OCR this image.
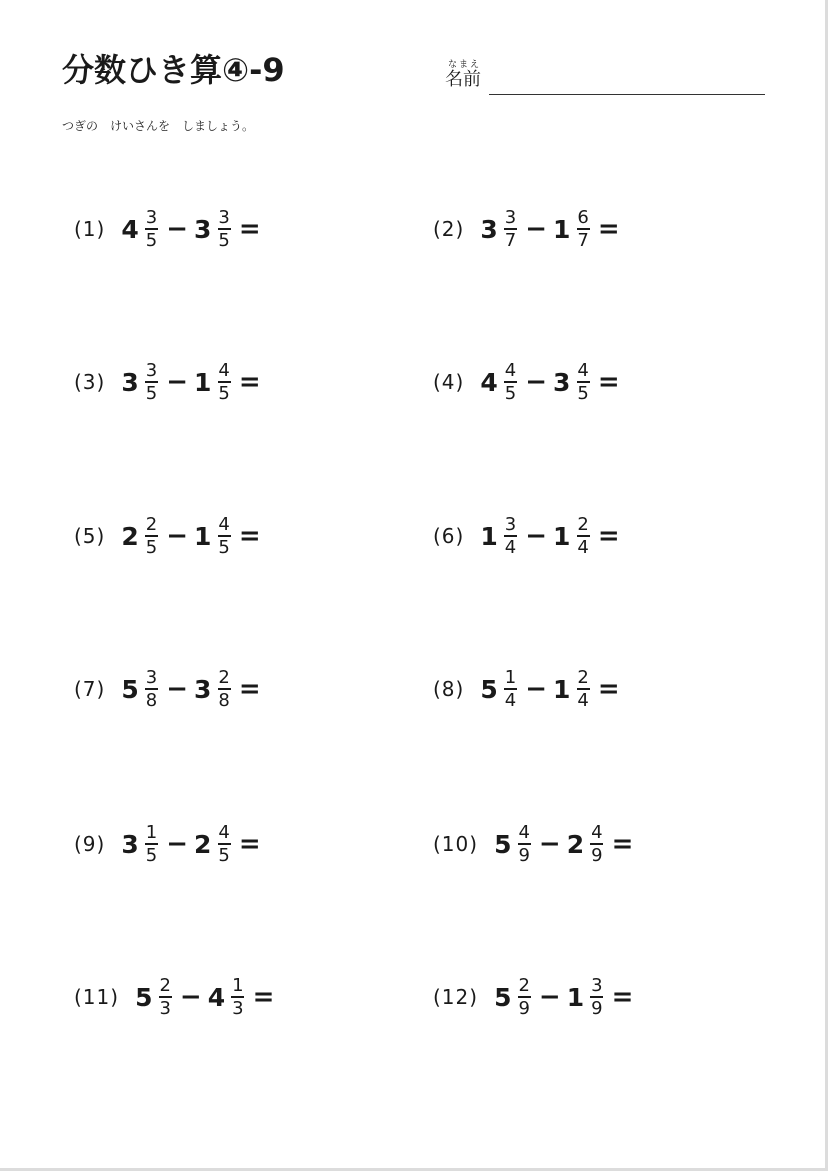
分数ひき算④-9	なまえ
名前
つぎの　けいさんを　しましょう。
(1) $4 \frac{3}{5} - 3 \frac{3}{5}$ =	(2) $3 \frac{3}{7} - 1 \frac{6}{7}$ =
(3) $3 \frac{3}{5} - 1 \frac{4}{5}$ =	(4) $4 \frac{4}{5} - 3 \frac{4}{5}$ =
(5) $2 \frac{2}{5} - 1 \frac{4}{5}$ =	(6) $1 \frac{3}{4} - 1 \frac{2}{4}$ =
(7) $5 \frac{3}{8} - 3 \frac{2}{8}$ =	(8) $5 \frac{1}{4} - 1 \frac{2}{4}$ =
(9) $3 \frac{1}{5} - 2 \frac{4}{5}$ =	(10) $5 \frac{4}{9} - 2 \frac{4}{9}$ =
(11) $5 \frac{2}{3} - 4 \frac{1}{3}$ =	(12) $5 \frac{2}{9} - 1 \frac{3}{9}$ =
